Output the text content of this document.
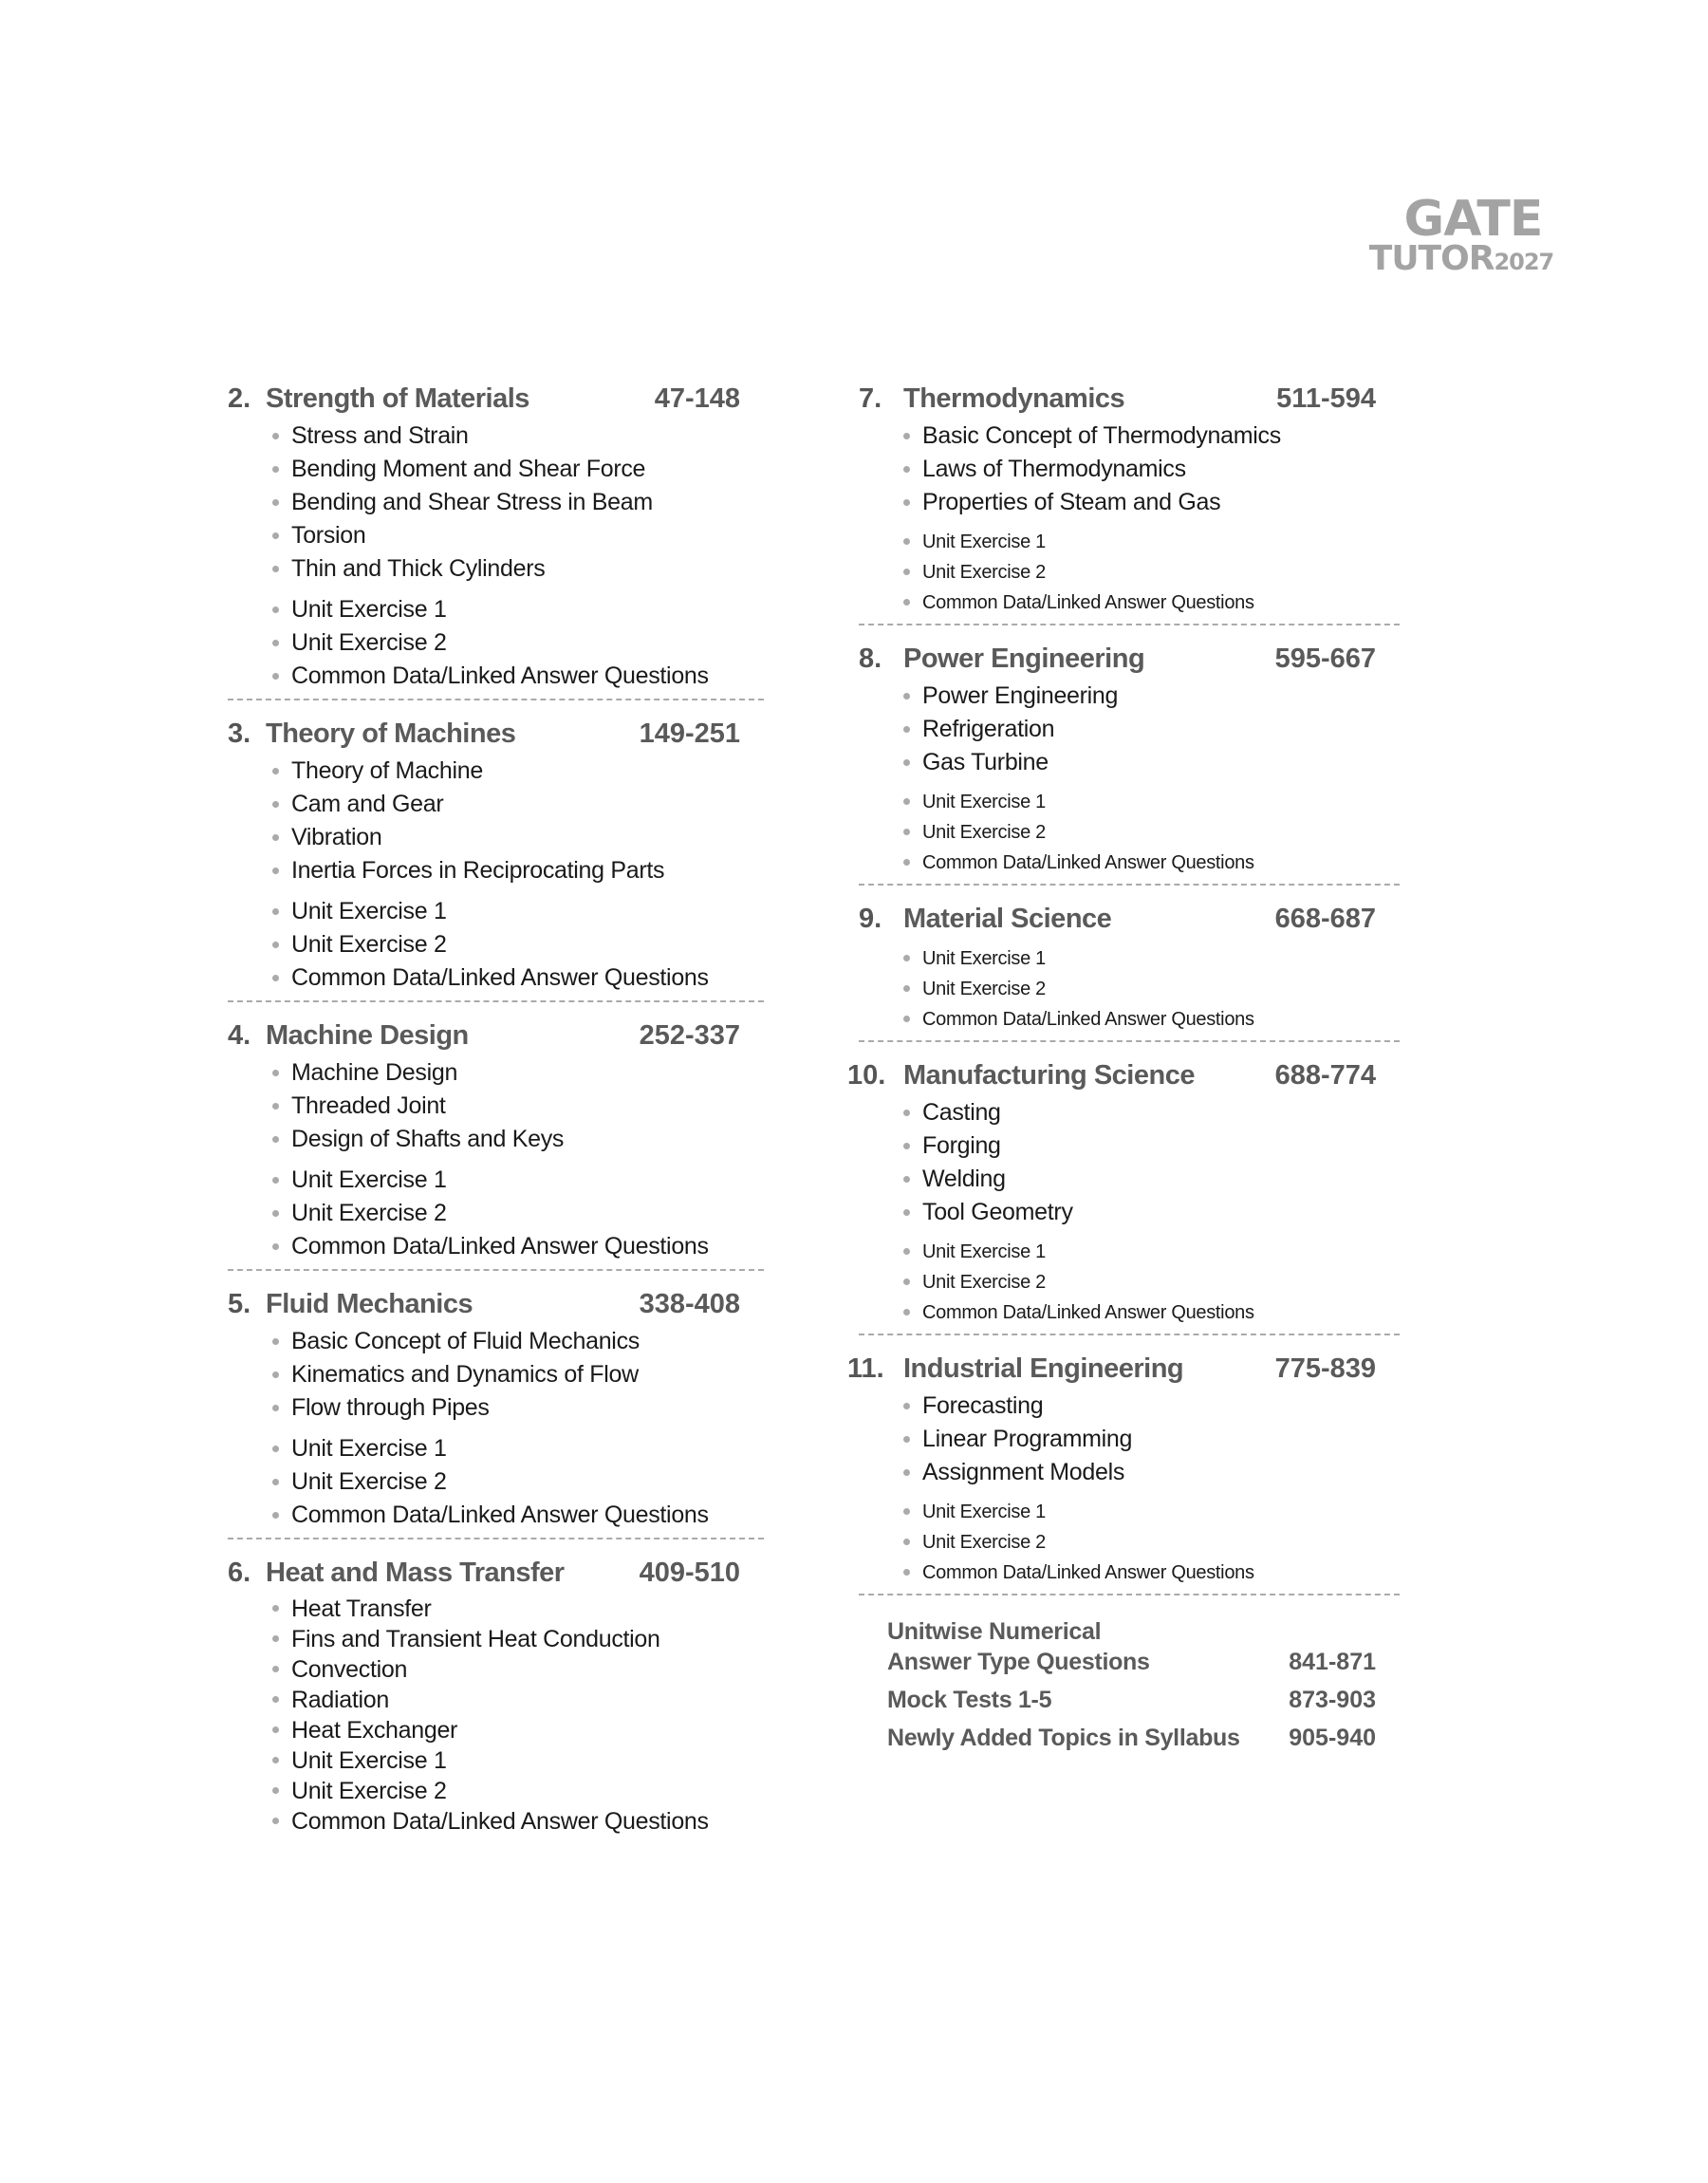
GATE
TUTOR2027
2. Strength of Materials	47-148
Stress and Strain
Bending Moment and Shear Force
Bending and Shear Stress in Beam
Torsion
Thin and Thick Cylinders
Unit Exercise 1
Unit Exercise 2
Common Data/Linked Answer Questions
3. Theory of Machines	149-251
Theory of Machine
Cam and Gear
Vibration
Inertia Forces in Reciprocating Parts
Unit Exercise 1
Unit Exercise 2
Common Data/Linked Answer Questions
4. Machine Design	252-337
Machine Design
Threaded Joint
Design of Shafts and Keys
Unit Exercise 1
Unit Exercise 2
Common Data/Linked Answer Questions
5. Fluid Mechanics	338-408
Basic Concept of Fluid Mechanics
Kinematics and Dynamics of Flow
Flow through Pipes
Unit Exercise 1
Unit Exercise 2
Common Data/Linked Answer Questions
6. Heat and Mass Transfer	409-510
Heat Transfer
Fins and Transient Heat Conduction
Convection
Radiation
Heat Exchanger
Unit Exercise 1
Unit Exercise 2
Common Data/Linked Answer Questions
7. Thermodynamics	511-594
Basic Concept of Thermodynamics
Laws of Thermodynamics
Properties of Steam and Gas
Unit Exercise 1
Unit Exercise 2
Common Data/Linked Answer Questions
8. Power Engineering	595-667
Power Engineering
Refrigeration
Gas Turbine
Unit Exercise 1
Unit Exercise 2
Common Data/Linked Answer Questions
9. Material Science	668-687
Unit Exercise 1
Unit Exercise 2
Common Data/Linked Answer Questions
10. Manufacturing Science	688-774
Casting
Forging
Welding
Tool Geometry
Unit Exercise 1
Unit Exercise 2
Common Data/Linked Answer Questions
11. Industrial Engineering	775-839
Forecasting
Linear Programming
Assignment Models
Unit Exercise 1
Unit Exercise 2
Common Data/Linked Answer Questions
Unitwise Numerical
Answer Type Questions	841-871
Mock Tests 1-5	873-903
Newly Added Topics in Syllabus 905-940
